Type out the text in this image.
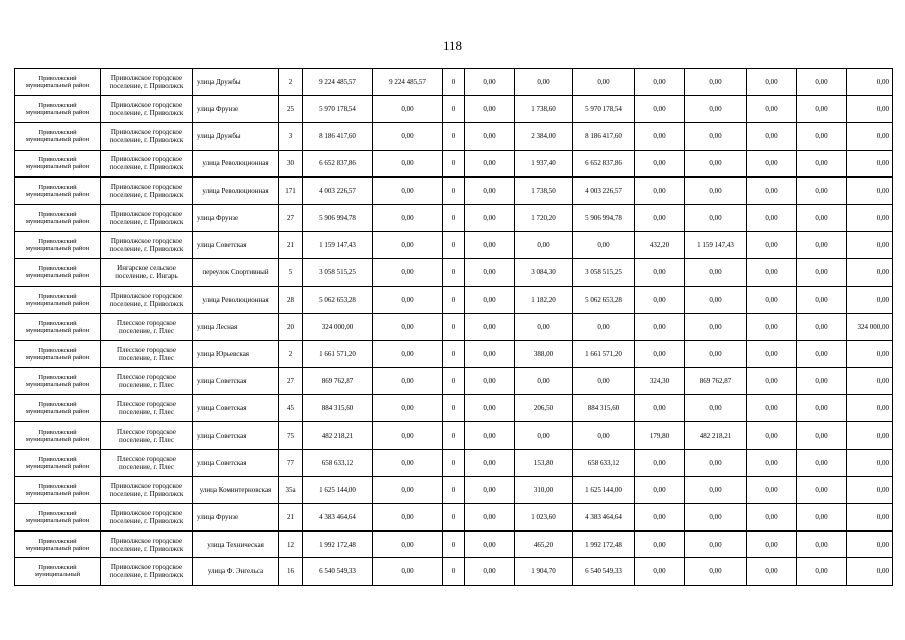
118
Приволжский муниципальный район	Приволжское городское поселение, г. Приволжск	улица Дружбы	2	9 224 485,57	9 224 485,57	0	0,00	0,00	0,00	0,00	0,00	0,00	0,00	0,00
Приволжский муниципальный район	Приволжское городское поселение, г. Приволжск	улица Фрунзе	25	5 970 178,54	0,00	0	0,00	1 738,60	5 970 178,54	0,00	0,00	0,00	0,00	0,00
Приволжский муниципальный район	Приволжское городское поселение, г. Приволжск	улица Дружбы	3	8 186 417,60	0,00	0	0,00	2 384,00	8 186 417,60	0,00	0,00	0,00	0,00	0,00
Приволжский муниципальный район	Приволжское городское поселение, г. Приволжск	улица Революционная	30	6 652 837,86	0,00	0	0,00	1 937,40	6 652 837,86	0,00	0,00	0,00	0,00	0,00
Приволжский муниципальный район	Приволжское городское поселение, г. Приволжск	улица Революционная	171	4 003 226,57	0,00	0	0,00	1 738,50	4 003 226,57	0,00	0,00	0,00	0,00	0,00
Приволжский муниципальный район	Приволжское городское поселение, г. Приволжск	улица Фрунзе	27	5 906 994,78	0,00	0	0,00	1 720,20	5 906 994,78	0,00	0,00	0,00	0,00	0,00
Приволжский муниципальный район	Приволжское городское поселение, г. Приволжск	улица Советская	21	1 159 147,43	0,00	0	0,00	0,00	0,00	432,20	1 159 147,43	0,00	0,00	0,00
Приволжский муниципальный район	Ингарское сельское поселение, с. Ингарь	переулок Спортивный	5	3 058 515,25	0,00	0	0,00	3 084,30	3 058 515,25	0,00	0,00	0,00	0,00	0,00
Приволжский муниципальный район	Приволжское городское поселение, г. Приволжск	улица Революционная	28	5 062 653,28	0,00	0	0,00	1 182,20	5 062 653,28	0,00	0,00	0,00	0,00	0,00
Приволжский муниципальный район	Плесское городское поселение, г. Плес	улица Лесная	20	324 000,00	0,00	0	0,00	0,00	0,00	0,00	0,00	0,00	0,00	324 000,00
Приволжский муниципальный район	Плесское городское поселение, г. Плес	улица Юрьевская	2	1 661 571,20	0,00	0	0,00	388,00	1 661 571,20	0,00	0,00	0,00	0,00	0,00
Приволжский муниципальный район	Плесское городское поселение, г. Плес	улица Советская	27	869 762,87	0,00	0	0,00	0,00	0,00	324,30	869 762,87	0,00	0,00	0,00
Приволжский муниципальный район	Плесское городское поселение, г. Плес	улица Советская	45	884 315,60	0,00	0	0,00	206,50	884 315,60	0,00	0,00	0,00	0,00	0,00
Приволжский муниципальный район	Плесское городское поселение, г. Плес	улица Советская	75	482 218,21	0,00	0	0,00	0,00	0,00	179,80	482 218,21	0,00	0,00	0,00
Приволжский муниципальный район	Плесское городское поселение, г. Плес	улица Советская	77	658 633,12	0,00	0	0,00	153,80	658 633,12	0,00	0,00	0,00	0,00	0,00
Приволжский муниципальный район	Приволжское городское поселение, г. Приволжск	улица Коминтерновская	35а	1 625 144,00	0,00	0	0,00	310,00	1 625 144,00	0,00	0,00	0,00	0,00	0,00
Приволжский муниципальный район	Приволжское городское поселение, г. Приволжск	улица Фрунзе	21	4 383 464,64	0,00	0	0,00	1 023,60	4 383 464,64	0,00	0,00	0,00	0,00	0,00
Приволжский муниципальный район	Приволжское городское поселение, г. Приволжск	улица Техническая	12	1 992 172,48	0,00	0	0,00	465,20	1 992 172,48	0,00	0,00	0,00	0,00	0,00
Приволжский муниципальный	Приволжское городское поселение, г. Приволжск	улица Ф. Энгельса	16	6 540 549,33	0,00	0	0,00	1 904,70	6 540 549,33	0,00	0,00	0,00	0,00	0,00
